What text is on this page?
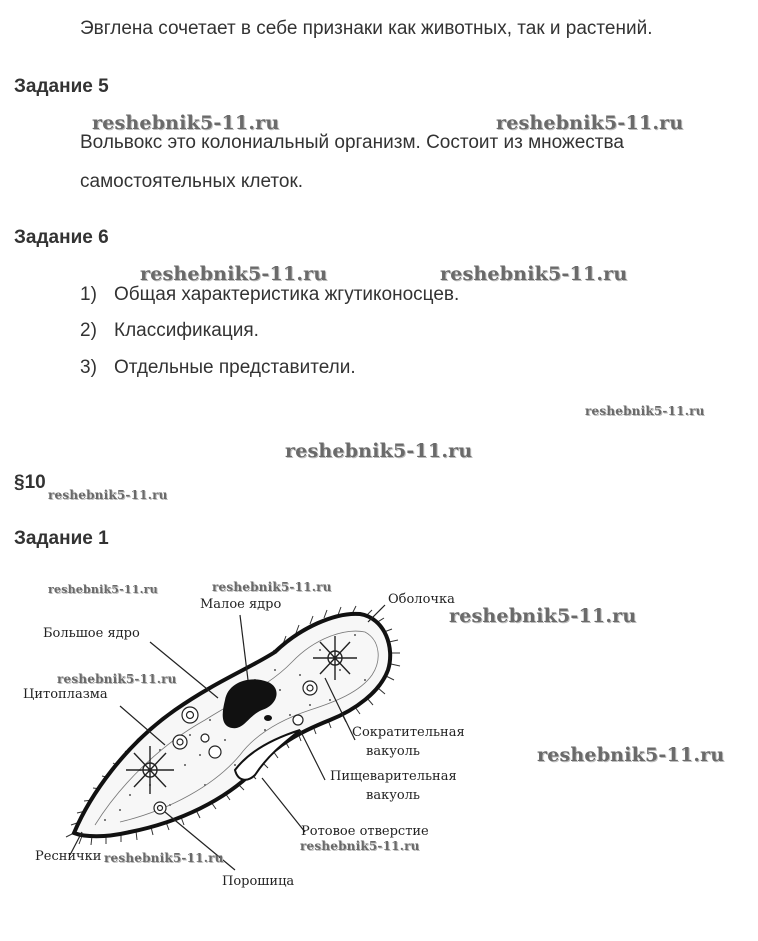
Эвглена сочетает в себе признаки как животных, так и растений.
Задание 5
reshebnik5-11.ru	reshebnik5-11.ru
Вольвокс это колониальный организм. Состоит из множества
самостоятельных клеток.
Задание 6
reshebnik5-11.ru	reshebnik5-11.ru
1) Общая характеристика жгутиконосцев.
2) Классификация.
3) Отдельные представители.
reshebnik5-11.ru
reshebnik5-11.ru
§10
reshebnik5-11.ru
Задание 1
Малое ядро	Оболочка
Большое ядро
Цитоплазма
Сократительная
вакуоль
Пищеварительная
вакуоль
Ротовое отверстие
Реснички
Порошица
reshebnik5-11.ru	reshebnik5-11.ru
reshebnik5-11.ru
reshebnik5-11.ru
reshebnik5-11.ru
reshebnik5-11.ru
reshebnik5-11.ru
